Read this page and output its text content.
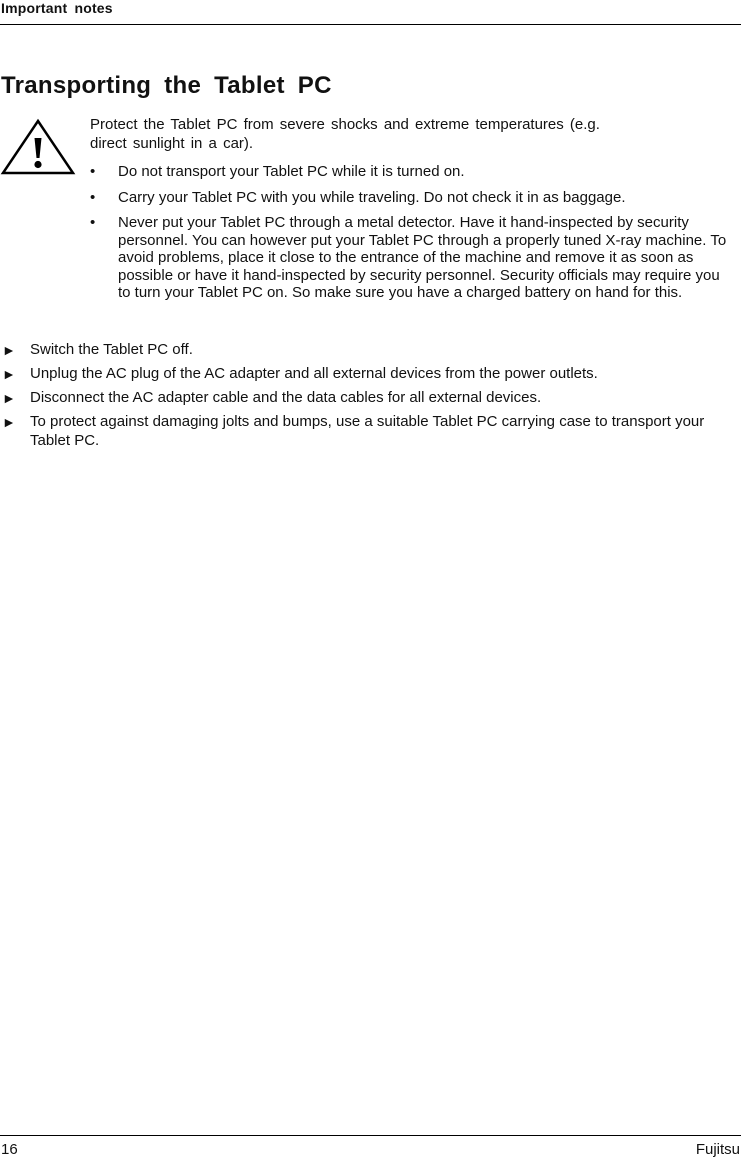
Important notes
Transporting the Tablet PC

Protect the Tablet PC from severe shocks and extreme temperatures (e.g. direct sunlight in a car).

• Do not transport your Tablet PC while it is turned on.
• Carry your Tablet PC with you while traveling. Do not check it in as baggage.
• Never put your Tablet PC through a metal detector. Have it hand-inspected by security personnel. You can however put your Tablet PC through a properly tuned X-ray machine. To avoid problems, place it close to the entrance of the machine and remove it as soon as possible or have it hand-inspected by security personnel. Security officials may require you to turn your Tablet PC on. So make sure you have a charged battery on hand for this.
► Switch the Tablet PC off.
► Unplug the AC plug of the AC adapter and all external devices from the power outlets.
► Disconnect the AC adapter cable and the data cables for all external devices.
► To protect against damaging jolts and bumps, use a suitable Tablet PC carrying case to transport your Tablet PC.
16	Fujitsu
